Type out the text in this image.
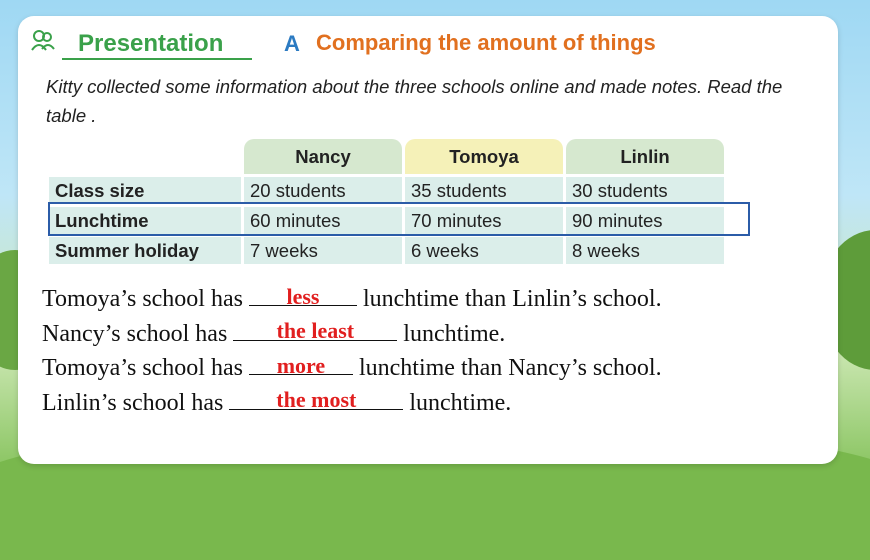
Presentation	A Comparing the amount of things
Kitty collected some information about the three schools online and made notes. Read the table .
	Nancy	Tomoya	Linlin
Class size	20 students	35 students	30 students
Lunchtime	60 minutes	70 minutes	90 minutes
Summer holiday	7 weeks	6 weeks	8 weeks
Tomoya’s school has	less	lunchtime than Linlin’s school.
Nancy’s school has	the least	lunchtime.
Tomoya’s school has	more	lunchtime than Nancy’s school.
Linlin’s school has	the most	lunchtime.
